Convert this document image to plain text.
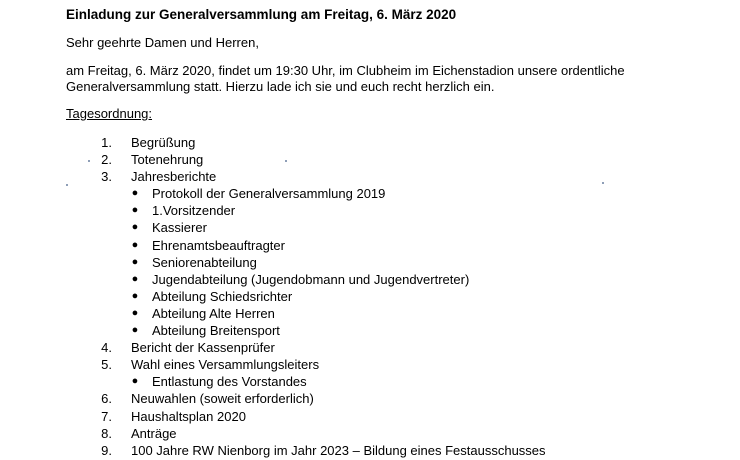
Einladung zur Generalversammlung am Freitag, 6. März 2020
Sehr geehrte Damen und Herren,
am Freitag, 6. März 2020, findet um 19:30 Uhr, im Clubheim im Eichenstadion unsere ordentliche Generalversammlung statt. Hierzu lade ich sie und euch recht herzlich ein.
Tagesordnung:
1. Begrüßung
2. Totenehrung
3. Jahresberichte
● Protokoll der Generalversammlung 2019
● 1.Vorsitzender
● Kassierer
● Ehrenamtsbeauftragter
● Seniorenabteilung
● Jugendabteilung (Jugendobmann und Jugendvertreter)
● Abteilung Schiedsrichter
● Abteilung Alte Herren
● Abteilung Breitensport
4. Bericht der Kassenprüfer
5. Wahl eines Versammlungsleiters
● Entlastung des Vorstandes
6. Neuwahlen (soweit erforderlich)
7. Haushaltsplan 2020
8. Anträge
9. 100 Jahre RW Nienborg im Jahr 2023 – Bildung eines Festausschusses
